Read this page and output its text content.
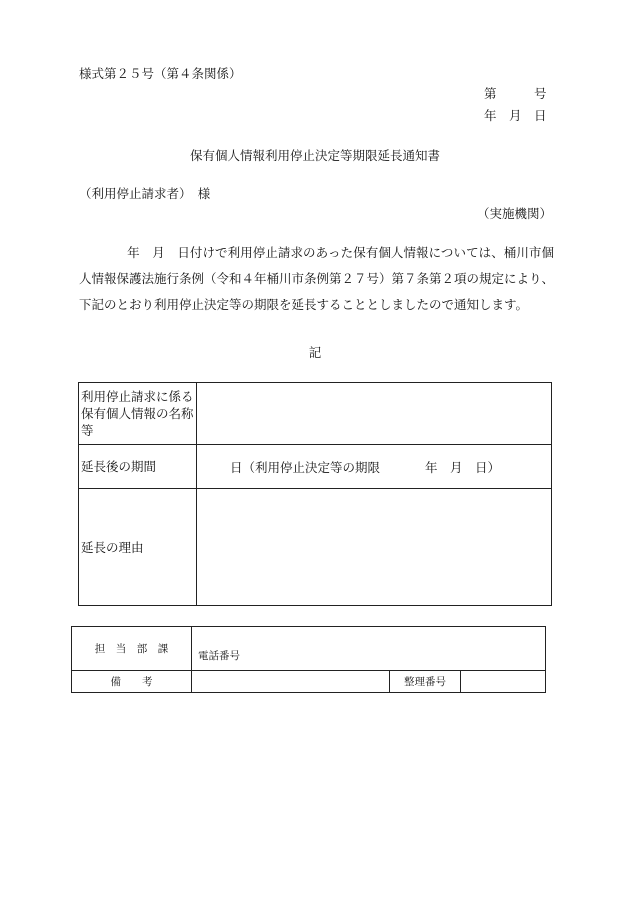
様式第２５号（第４条関係）
第　　　号
年　月　日
保有個人情報利用停止決定等期限延長通知書
（利用停止請求者）　様
（実施機関）
年　月　日付けで利用停止請求のあった保有個人情報については、桶川市個人情報保護法施行条例（令和４年桶川市条例第２７号）第７条第２項の規定により、下記のとおり利用停止決定等の期限を延長することとしましたので通知します。
記
利用停止請求に係る保有個人情報の名称等	
延長後の期間	日（利用停止決定等の期限 年　月　日）
延長の理由	
担　当　部　課	電話番号		
備　　考		整理番号	
